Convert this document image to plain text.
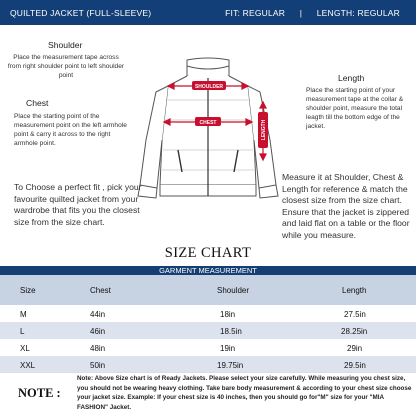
QUILTED JACKET (FULL-SLEEVE)	FIT: REGULAR | LENGTH: REGULAR
Shoulder
Place the measurement tape across from right shoulder point to left shoulder point
Chest
Place the starting point of the measurement point on the left armhole point & carry it across to the right armhole point.
Length
Place the starting point of your measurement tape at the collar & shoulder point, measure the total leagth till the bottom edge of the jacket.
SHOULDER
CHEST	LENGTH
To Choose a perfect fit , pick your favourite quilted jacket from your wardrobe that fits you the closest size from the size chart.
Measure it at Shoulder, Chest & Length for reference & match the closest size from the size chart. Ensure that the jacket is zippered and laid flat on a table or the floor while you measure.
SIZE CHART
GARMENT MEASUREMENT
Size	Chest	Shoulder	Length
M	44in	18in	27.5in
L	46in	18.5in	28.25in
XL	48in	19in	29in
XXL	50in	19.75in	29.5in
NOTE :
Note: Above Size chart is of Ready Jackets. Please select your size carefully. While measuring you chest size, you should not be wearing heavy clothing. Take bare body measurement & according to your chest size choose your jacket size. Example: If your chest size is 40 inches, then you should go for"M" size for your "MIA FASHION" Jacket.
